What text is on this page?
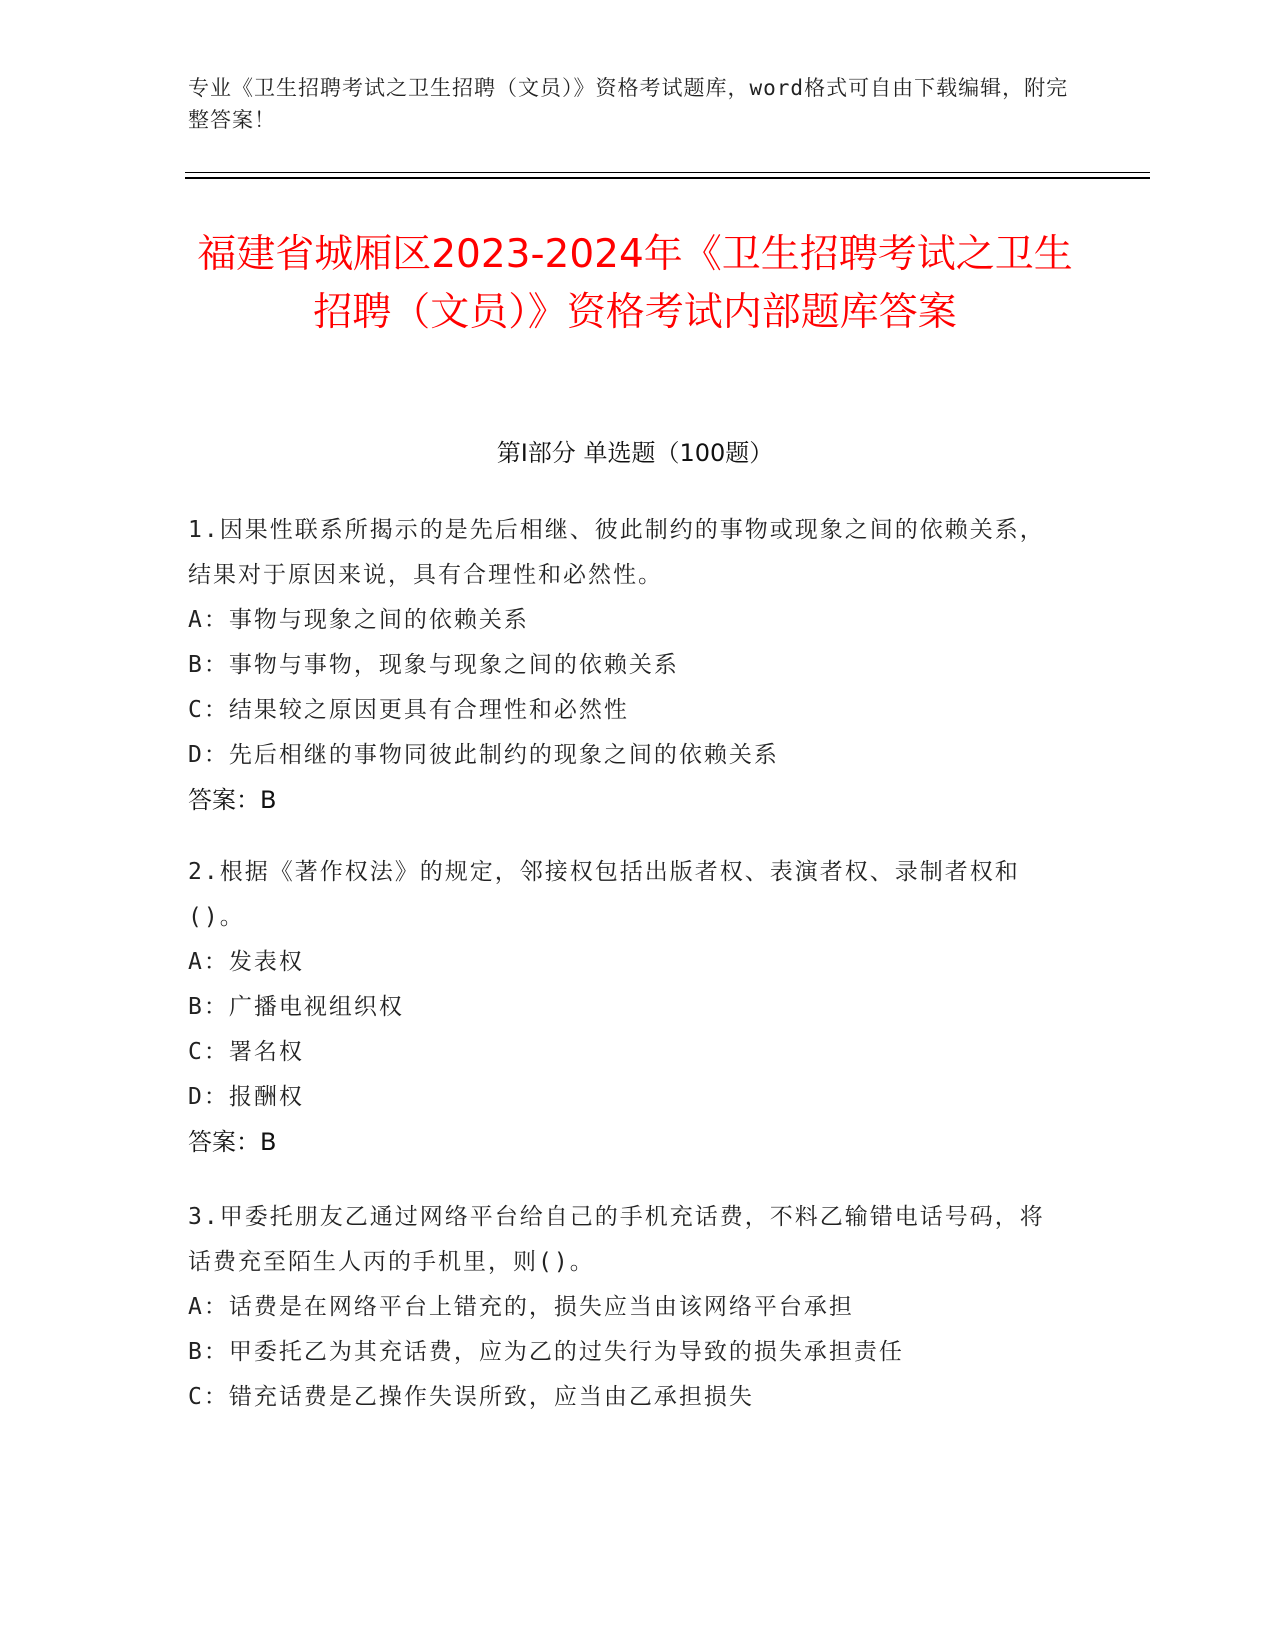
专业《卫生招聘考试之卫生招聘（文员）》资格考试题库，word格式可自由下载编辑，附完整答案！
福建省城厢区2023-2024年《卫生招聘考试之卫生招聘（文员）》资格考试内部题库答案
第Ⅰ部分 单选题（100题）
1.因果性联系所揭示的是先后相继、彼此制约的事物或现象之间的依赖关系，结果对于原因来说，具有合理性和必然性。
A：事物与现象之间的依赖关系
B：事物与事物，现象与现象之间的依赖关系
C：结果较之原因更具有合理性和必然性
D：先后相继的事物同彼此制约的现象之间的依赖关系
答案：B
2.根据《著作权法》的规定，邻接权包括出版者权、表演者权、录制者权和()。
A：发表权
B：广播电视组织权
C：署名权
D：报酬权
答案：B
3.甲委托朋友乙通过网络平台给自己的手机充话费，不料乙输错电话号码，将话费充至陌生人丙的手机里，则()。
A：话费是在网络平台上错充的，损失应当由该网络平台承担
B：甲委托乙为其充话费，应为乙的过失行为导致的损失承担责任
C：错充话费是乙操作失误所致，应当由乙承担损失
